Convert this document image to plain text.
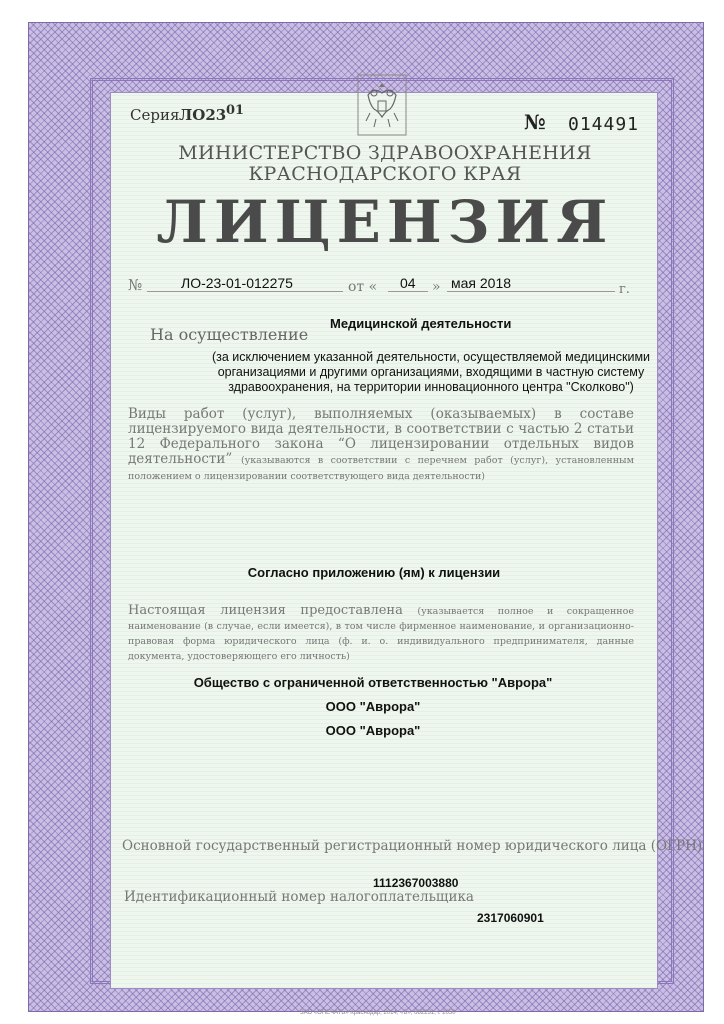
Серия ЛО23 01	№ 014491
МИНИСТЕРСТВО ЗДРАВООХРАНЕНИЯ
КРАСНОДАРСКОГО КРАЯ
ЛИЦЕНЗИЯ
№	ЛО-23-01-012275	от « 04 » мая 2018	г.
На осуществление
Медицинской деятельности
(за исключением указанной деятельности, осуществляемой медицинскими организациями и другими организациями, входящими в частную систему здравоохранения, на территории инновационного центра "Сколково")
Виды работ (услуг), выполняемых (оказываемых) в составе лицензируемого вида деятельности, в соответствии с частью 2 статьи 12 Федерального закона “О лицензировании отдельных видов деятельности” (указываются в соответствии с перечнем работ (услуг), установленным положением о лицензировании соответствующего вида деятельности)
Согласно приложению (ям) к лицензии
Настоящая лицензия предоставлена (указывается полное и сокращенное наименование (в случае, если имеется), в том числе фирменное наименование, и организационно-правовая форма юридического лица (ф. и. о. индивидуального предпринимателя, данные документа, удостоверяющего его личность)
Общество с ограниченной ответственностью "Аврора"
ООО "Аврора"
ООО "Аврора"
Основной государственный регистрационный номер юридического лица (ОГРН)
1112367003880
Идентификационный номер налогоплательщика
2317060901
ЗАО «ОПЕЧАТЬ» Краснодар, 2014, «Б», 682231, г. 2050
